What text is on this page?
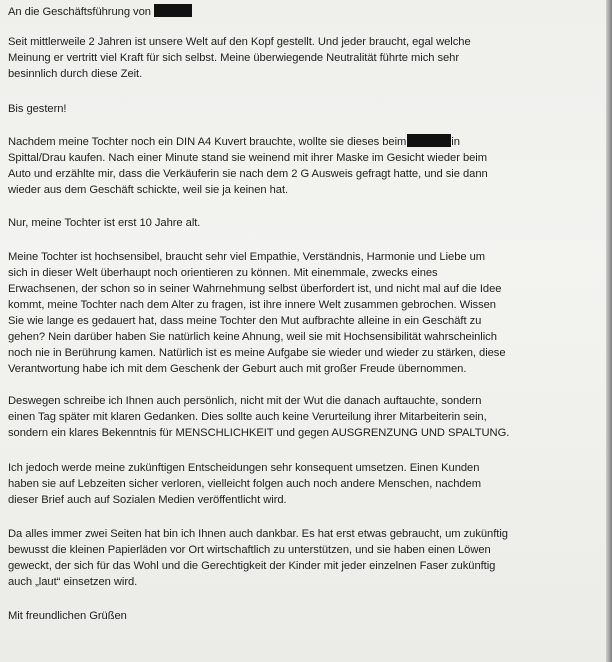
An die Geschäftsführung von
Seit mittlerweile 2 Jahren ist unsere Welt auf den Kopf gestellt. Und jeder braucht, egal welche
Meinung er vertritt viel Kraft für sich selbst. Meine überwiegende Neutralität führte mich sehr
besinnlich durch diese Zeit.
Bis gestern!
Nachdem meine Tochter noch ein DIN A4 Kuvert brauchte, wollte sie dieses beim	in
Spittal/Drau kaufen. Nach einer Minute stand sie weinend mit ihrer Maske im Gesicht wieder beim
Auto und erzählte mir, dass die Verkäuferin sie nach dem 2 G Ausweis gefragt hatte, und sie dann
wieder aus dem Geschäft schickte, weil sie ja keinen hat.
Nur, meine Tochter ist erst 10 Jahre alt.
Meine Tochter ist hochsensibel, braucht sehr viel Empathie, Verständnis, Harmonie und Liebe um
sich in dieser Welt überhaupt noch orientieren zu können. Mit einemmale, zwecks eines
Erwachsenen, der schon so in seiner Wahrnehmung selbst überfordert ist, und nicht mal auf die Idee
kommt, meine Tochter nach dem Alter zu fragen, ist ihre innere Welt zusammen gebrochen. Wissen
Sie wie lange es gedauert hat, dass meine Tochter den Mut aufbrachte alleine in ein Geschäft zu
gehen? Nein darüber haben Sie natürlich keine Ahnung, weil sie mit Hochsensibilität wahrscheinlich
noch nie in Berührung kamen. Natürlich ist es meine Aufgabe sie wieder und wieder zu stärken, diese
Verantwortung habe ich mit dem Geschenk der Geburt auch mit großer Freude übernommen.
Deswegen schreibe ich Ihnen auch persönlich, nicht mit der Wut die danach auftauchte, sondern
einen Tag später mit klaren Gedanken. Dies sollte auch keine Verurteilung ihrer Mitarbeiterin sein,
sondern ein klares Bekenntnis für MENSCHLICHKEIT und gegen AUSGRENZUNG UND SPALTUNG.
Ich jedoch werde meine zukünftigen Entscheidungen sehr konsequent umsetzen. Einen Kunden
haben sie auf Lebzeiten sicher verloren, vielleicht folgen auch noch andere Menschen, nachdem
dieser Brief auch auf Sozialen Medien veröffentlicht wird.
Da alles immer zwei Seiten hat bin ich Ihnen auch dankbar. Es hat erst etwas gebraucht, um zukünftig
bewusst die kleinen Papierläden vor Ort wirtschaftlich zu unterstützen, und sie haben einen Löwen
geweckt, der sich für das Wohl und die Gerechtigkeit der Kinder mit jeder einzelnen Faser zukünftig
auch „laut“ einsetzen wird.
Mit freundlichen Grüßen
